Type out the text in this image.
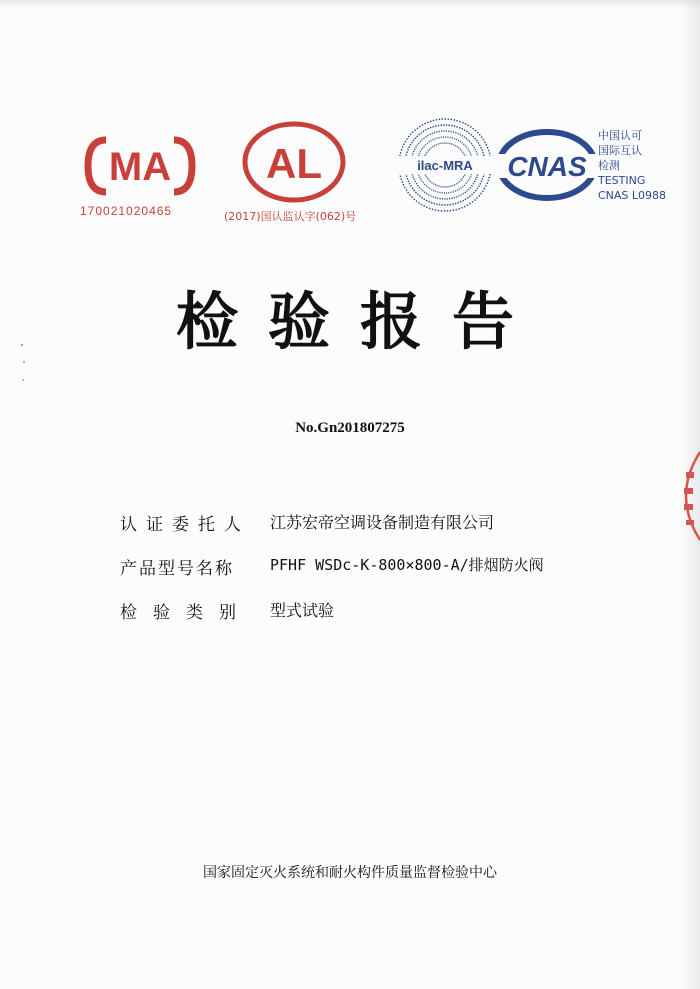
MA
170021020465
AL
(2017)国认监认字(062)号
ilac-MRA CNAS
中国认可
国际互认
检测
TESTING
CNAS L0988
检验报告
No.Gn201807275
认证委托人	江苏宏帝空调设备制造有限公司
产品型号名称	PFHF WSDc-K-800×800-A/排烟防火阀
检验类别	型式试验
国家固定灭火系统和耐火构件质量监督检验中心
